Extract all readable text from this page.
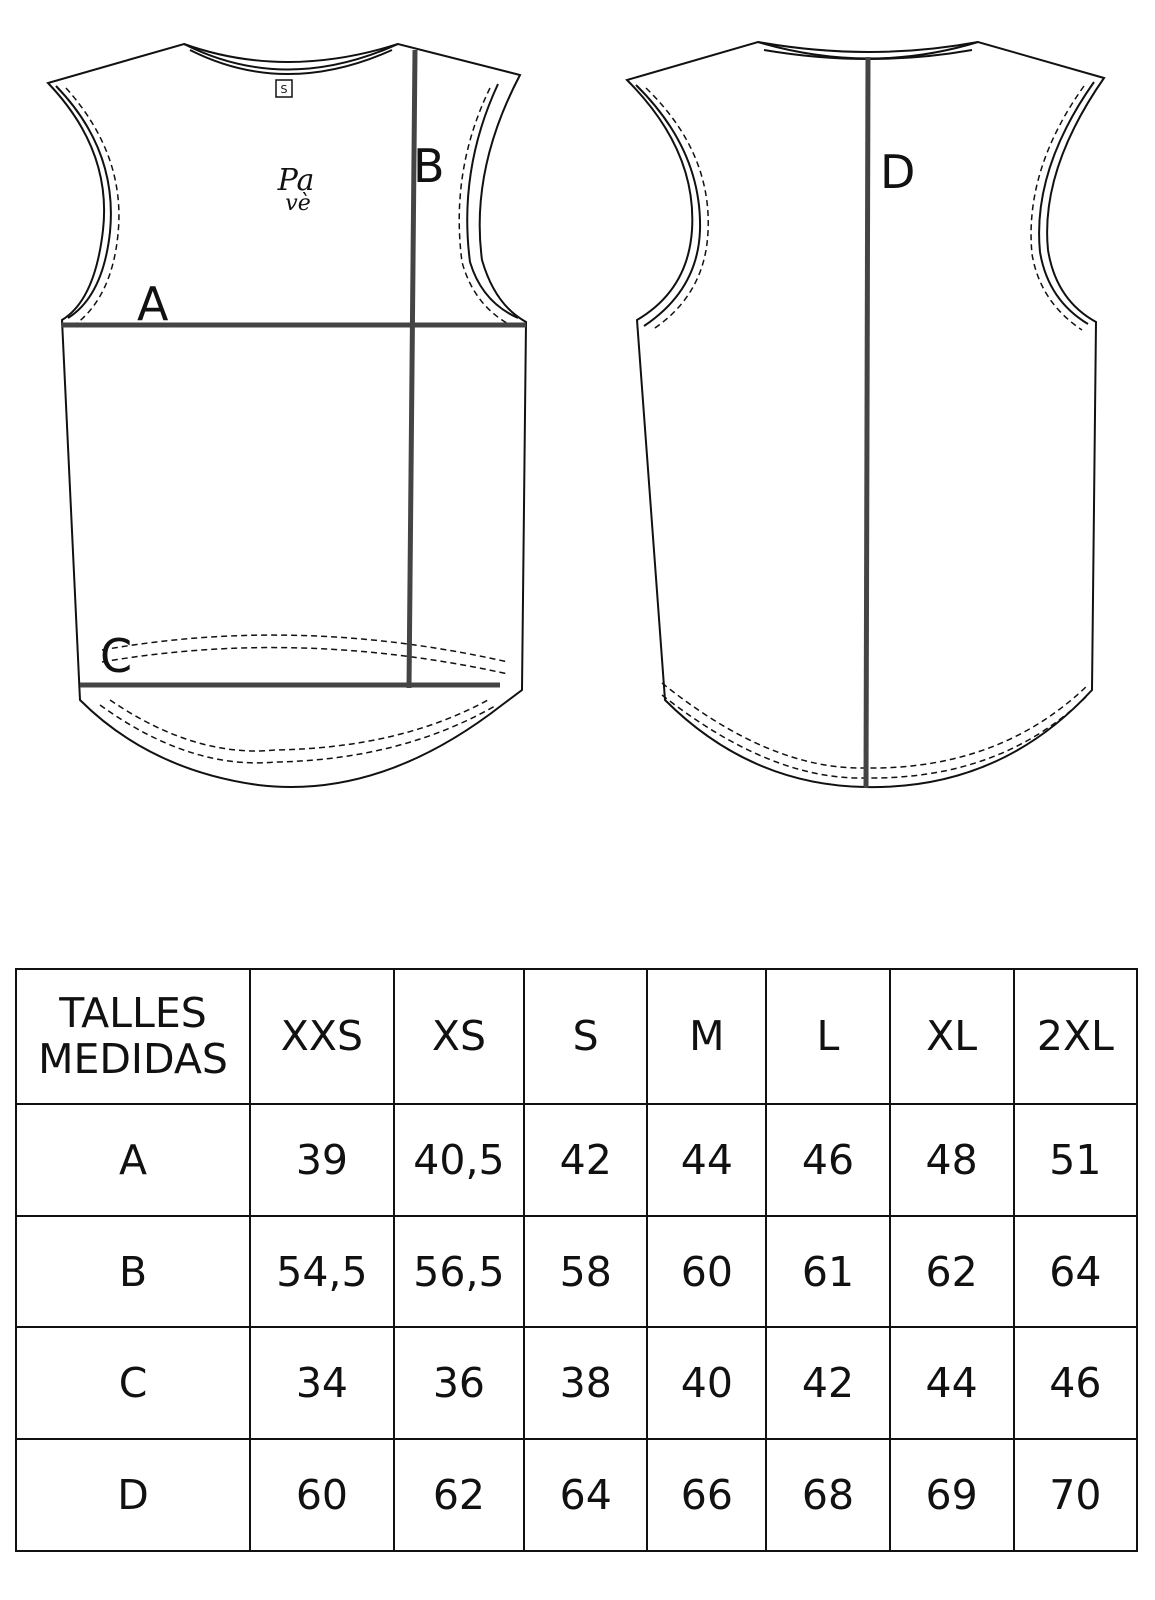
S
Pa
vè
A
B
C
D
TALLES
MEDIDAS	XXS	XS	S	M	L	XL	2XL
A	39	40,5	42	44	46	48	51
B	54,5	56,5	58	60	61	62	64
C	34	36	38	40	42	44	46
D	60	62	64	66	68	69	70
